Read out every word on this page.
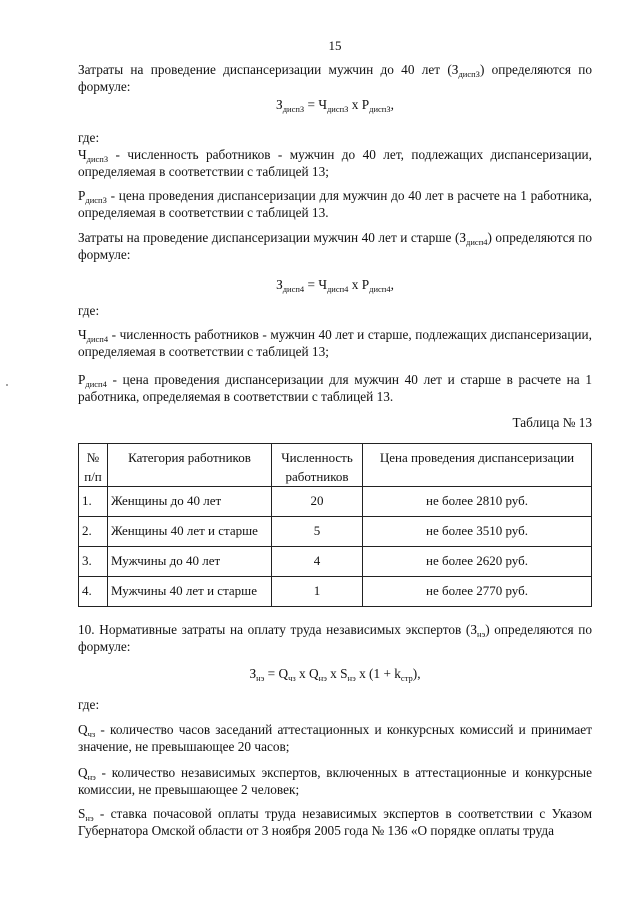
15
Затраты на проведение диспансеризации мужчин до 40 лет $(З_{диспЗ})$ определяются по формуле:
$З_{диспЗ} = Ч_{диспЗ}$ x $Р_{диспЗ}$,
где:
$Ч_{диспЗ}$ - численность работников - мужчин до 40 лет, подлежащих диспансеризации, определяемая в соответствии с таблицей 13;
$Р_{диспЗ}$ - цена проведения диспансеризации для мужчин до 40 лет в расчете на 1 работника, определяемая в соответствии с таблицей 13.
Затраты на проведение диспансеризации мужчин 40 лет и старше $(З_{дисп4})$ определяются по формуле:
$З_{дисп4} = Ч_{дисп4}$ x $Р_{дисп4}$,
где:
$Ч_{дисп4}$ - численность работников - мужчин 40 лет и старше, подлежащих диспансеризации, определяемая в соответствии с таблицей 13;
$Р_{дисп4}$ - цена проведения диспансеризации для мужчин 40 лет и старше в расчете на 1 работника, определяемая в соответствии с таблицей 13.
Таблица № 13
№ п/п	Категория работников	Численность работников	Цена проведения диспансеризации
1.	Женщины до 40 лет	20	не более 2810 руб.
2.	Женщины 40 лет и старше	5	не более 3510 руб.
3.	Мужчины до 40 лет	4	не более 2620 руб.
4.	Мужчины 40 лет и старше	1	не более 2770 руб.
10. Нормативные затраты на оплату труда независимых экспертов $(З_{нэ})$ определяются по формуле:
$З_{нэ} = Q_{чз}$ x $Q_{нэ}$ x $S_{нэ}$ x $(1 + k_{стр})$,
где:
$Q_{чз}$ - количество часов заседаний аттестационных и конкурсных комиссий и принимает значение, не превышающее 20 часов;
$Q_{нэ}$ - количество независимых экспертов, включенных в аттестационные и конкурсные комиссии, не превышающее 2 человек;
$S_{нэ}$ - ставка почасовой оплаты труда независимых экспертов в соответствии с Указом Губернатора Омской области от 3 ноября 2005 года № 136 «О порядке оплаты труда
